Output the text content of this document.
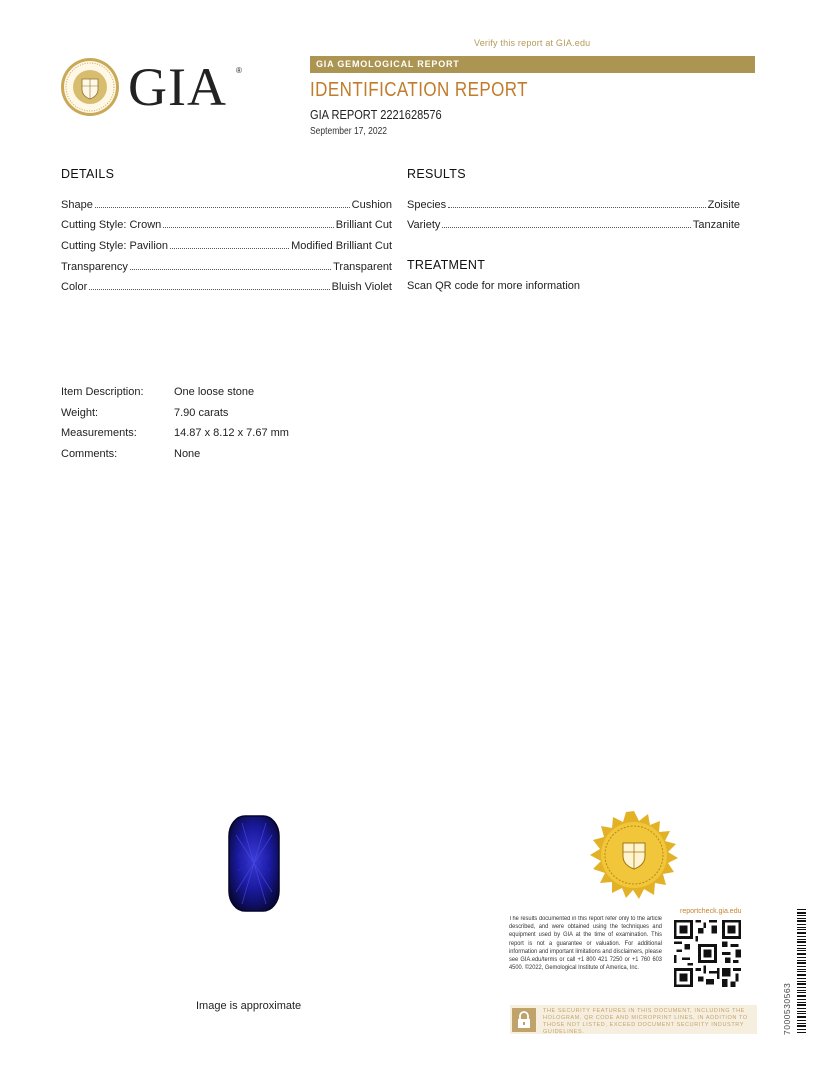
Verify this report at GIA.edu
GIA ®
GIA GEMOLOGICAL REPORT
IDENTIFICATION REPORT
GIA REPORT 2221628576
September 17, 2022
DETAILS
Shape	Cushion
Cutting Style: Crown	Brilliant Cut
Cutting Style: Pavilion	Modified Brilliant Cut
Transparency	Transparent
Color	Bluish Violet
RESULTS
Species	Zoisite
Variety	Tanzanite
TREATMENT
Scan QR code for more information
Item Description:	One loose stone
Weight:	7.90 carats
Measurements:	14.87 x 8.12 x 7.67 mm
Comments:	None
Image is approximate
reportcheck.gia.edu
The results documented in this report refer only to the article described, and were obtained using the techniques and equipment used by GIA at the time of examination. This report is not a guarantee or valuation. For additional information and important limitations and disclaimers, please see GIA.edu/terms or call +1 800 421 7250 or +1 760 603 4500. ©2022, Gemological Institute of America, Inc.
THE SECURITY FEATURES IN THIS DOCUMENT, INCLUDING THE HOLOGRAM, QR CODE AND MICROPRINT LINES, IN ADDITION TO THOSE NOT LISTED, EXCEED DOCUMENT SECURITY INDUSTRY GUIDELINES.	7000530563
